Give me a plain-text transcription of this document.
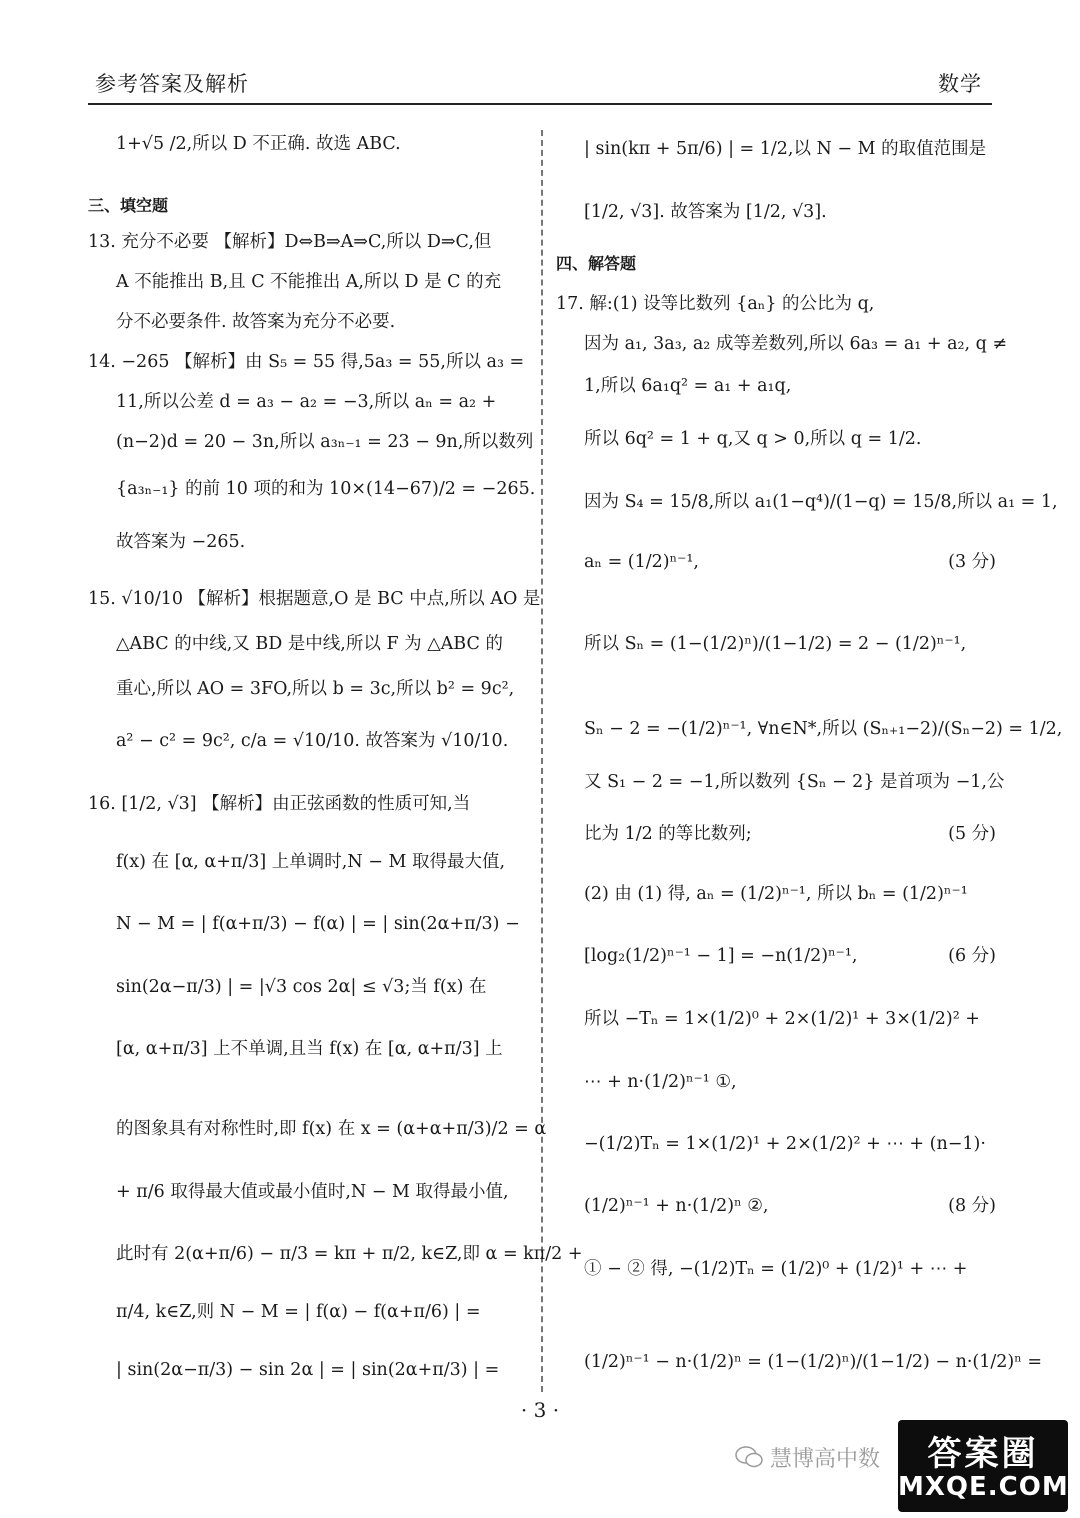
参考答案及解析	数学
1+√5 /2,所以 D 不正确. 故选 ABC.
三、填空题
13. 充分不必要 【解析】D⇔B⇒A⇒C,所以 D⇒C,但
A 不能推出 B,且 C 不能推出 A,所以 D 是 C 的充
分不必要条件. 故答案为充分不必要.
14. −265 【解析】由 S₅ = 55 得,5a₃ = 55,所以 a₃ =
11,所以公差 d = a₃ − a₂ = −3,所以 aₙ = a₂ +
(n−2)d = 20 − 3n,所以 a₃ₙ₋₁ = 23 − 9n,所以数列
{a₃ₙ₋₁} 的前 10 项的和为 10×(14−67)/2 = −265.
故答案为 −265.
15. √10/10 【解析】根据题意,O 是 BC 中点,所以 AO 是
△ABC 的中线,又 BD 是中线,所以 F 为 △ABC 的
重心,所以 AO = 3FO,所以 b = 3c,所以 b² = 9c²,
a² − c² = 9c², c/a = √10/10. 故答案为 √10/10.
16. [1/2, √3] 【解析】由正弦函数的性质可知,当
f(x) 在 [α, α+π/3] 上单调时,N − M 取得最大值,
N − M = | f(α+π/3) − f(α) | = | sin(2α+π/3) −
sin(2α−π/3) | = |√3 cos 2α| ≤ √3;当 f(x) 在
[α, α+π/3] 上不单调,且当 f(x) 在 [α, α+π/3] 上
的图象具有对称性时,即 f(x) 在 x = (α+α+π/3)/2 = α
+ π/6 取得最大值或最小值时,N − M 取得最小值,
此时有 2(α+π/6) − π/3 = kπ + π/2, k∈Z,即 α = kπ/2 +
π/4, k∈Z,则 N − M = | f(α) − f(α+π/6) | =
| sin(2α−π/3) − sin 2α | = | sin(2α+π/3) | =
| sin(kπ + 5π/6) | = 1/2,以 N − M 的取值范围是
[1/2, √3]. 故答案为 [1/2, √3].
四、解答题
17. 解:(1) 设等比数列 {aₙ} 的公比为 q,
因为 a₁, 3a₃, a₂ 成等差数列,所以 6a₃ = a₁ + a₂, q ≠
1,所以 6a₁q² = a₁ + a₁q,
所以 6q² = 1 + q,又 q > 0,所以 q = 1/2.
因为 S₄ = 15/8,所以 a₁(1−q⁴)/(1−q) = 15/8,所以 a₁ = 1,
aₙ = (1/2)ⁿ⁻¹,	(3 分)
所以 Sₙ = (1−(1/2)ⁿ)/(1−1/2) = 2 − (1/2)ⁿ⁻¹,
Sₙ − 2 = −(1/2)ⁿ⁻¹, ∀n∈N*,所以 (Sₙ₊₁−2)/(Sₙ−2) = 1/2,
又 S₁ − 2 = −1,所以数列 {Sₙ − 2} 是首项为 −1,公
比为 1/2 的等比数列;	(5 分)
(2) 由 (1) 得, aₙ = (1/2)ⁿ⁻¹, 所以 bₙ = (1/2)ⁿ⁻¹
[log₂(1/2)ⁿ⁻¹ − 1] = −n(1/2)ⁿ⁻¹,	(6 分)
所以 −Tₙ = 1×(1/2)⁰ + 2×(1/2)¹ + 3×(1/2)² +
⋯ + n·(1/2)ⁿ⁻¹ ①,
−(1/2)Tₙ = 1×(1/2)¹ + 2×(1/2)² + ⋯ + (n−1)·
(1/2)ⁿ⁻¹ + n·(1/2)ⁿ ②,	(8 分)
① − ② 得, −(1/2)Tₙ = (1/2)⁰ + (1/2)¹ + ⋯ +
(1/2)ⁿ⁻¹ − n·(1/2)ⁿ = (1−(1/2)ⁿ)/(1−1/2) − n·(1/2)ⁿ =
· 3 ·
慧博高中数	答案圈
MXQE.COM
